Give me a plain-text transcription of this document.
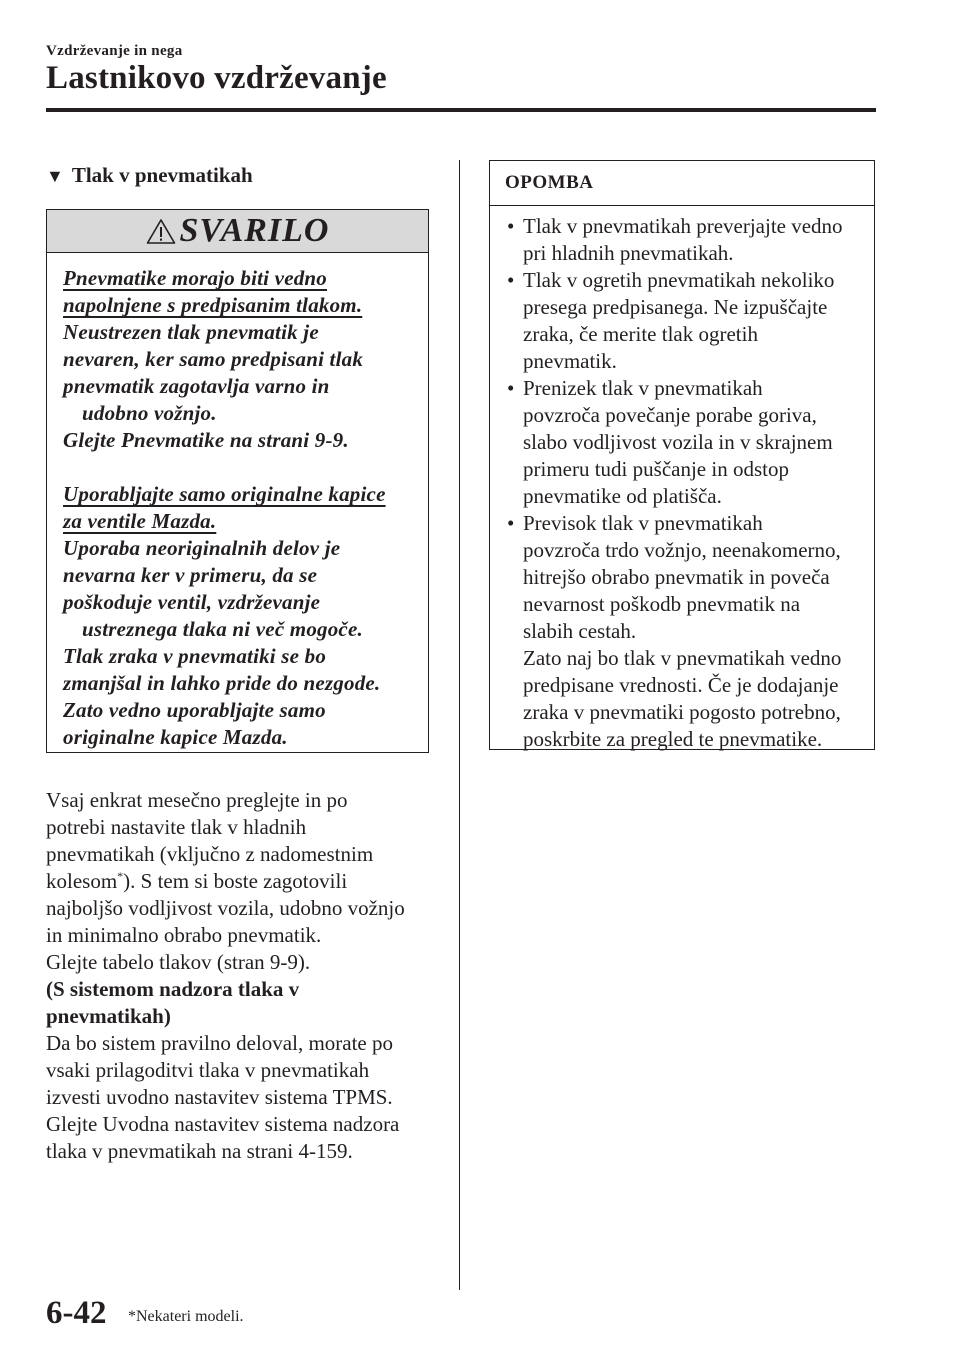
Vzdrževanje in nega
Lastnikovo vzdrževanje
▼ Tlak v pnevmatikah
SVARILO

Pnevmatike morajo biti vedno

napolnjene s predpisanim tlakom.

Neustrezen tlak pnevmatik je

nevaren, ker samo predpisani tlak

pnevmatik zagotavlja varno in

udobno vožnjo.

Glejte Pnevmatike na strani 9-9.

Uporabljajte samo originalne kapice

za ventile Mazda.

Uporaba neoriginalnih delov je

nevarna ker v primeru, da se

poškoduje ventil, vzdrževanje

ustreznega tlaka ni več mogoče.

Tlak zraka v pnevmatiki se bo

zmanjšal in lahko pride do nezgode.

Zato vedno uporabljajte samo

originalne kapice Mazda.

Vsaj enkrat mesečno preglejte in po

potrebi nastavite tlak v hladnih

pnevmatikah (vključno z nadomestnim

kolesom*). S tem si boste zagotovili

najboljšo vodljivost vozila, udobno vožnjo

in minimalno obrabo pnevmatik.

Glejte tabelo tlakov (stran 9-9).

(S sistemom nadzora tlaka v

pnevmatikah)

Da bo sistem pravilno deloval, morate po

vsaki prilagoditvi tlaka v pnevmatikah

izvesti uvodno nastavitev sistema TPMS.

Glejte Uvodna nastavitev sistema nadzora

tlaka v pnevmatikah na strani 4-159.

OPOMBA
• Tlak v pnevmatikah preverjajte vedno
pri hladnih pnevmatikah.
• Tlak v ogretih pnevmatikah nekoliko
presega predpisanega. Ne izpuščajte
zraka, če merite tlak ogretih
pnevmatik.
• Prenizek tlak v pnevmatikah
povzroča povečanje porabe goriva,
slabo vodljivost vozila in v skrajnem
primeru tudi puščanje in odstop
pnevmatike od platišča.
• Previsok tlak v pnevmatikah
povzroča trdo vožnjo, neenakomerno,
hitrejšo obrabo pnevmatik in poveča
nevarnost poškodb pnevmatik na
slabih cestah.
Zato naj bo tlak v pnevmatikah vedno
predpisane vrednosti. Če je dodajanje
zraka v pnevmatiki pogosto potrebno,
poskrbite za pregled te pnevmatike.
6-42 *Nekateri modeli.
